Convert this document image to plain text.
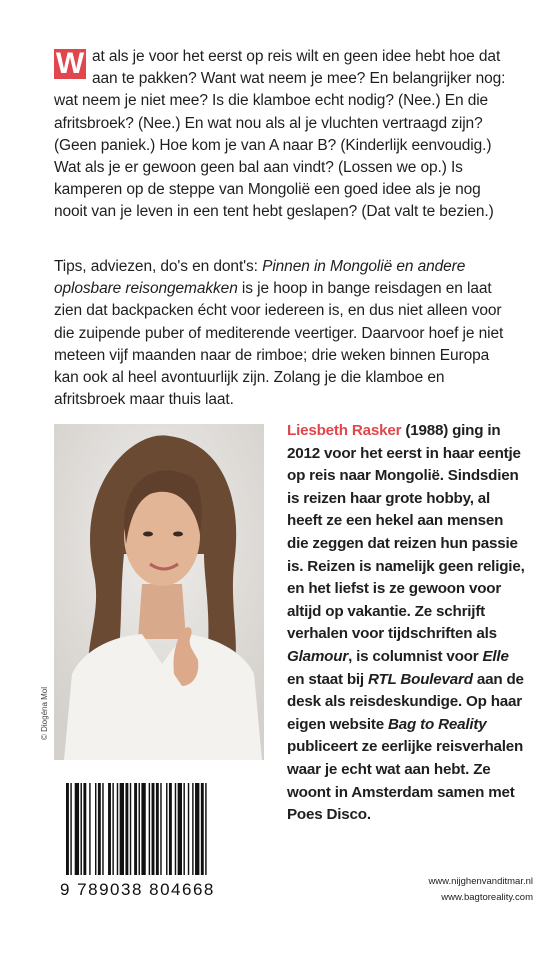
W at als je voor het eerst op reis wilt en geen idee hebt hoe dat aan te pakken? Want wat neem je mee? En belangrijker nog: wat neem je niet mee? Is die klamboe echt nodig? (Nee.) En die afritsbroek? (Nee.) En wat nou als al je vluchten vertraagd zijn? (Geen paniek.) Hoe kom je van A naar B? (Kinderlijk eenvoudig.) Wat als je er gewoon geen bal aan vindt? (Lossen we op.) Is kamperen op de steppe van Mongolië een goed idee als je nog nooit van je leven in een tent hebt geslapen? (Dat valt te bezien.)
Tips, adviezen, do's en dont's: Pinnen in Mongolië en andere oplosbare reisongemakken is je hoop in bange reisdagen en laat zien dat backpacken écht voor iedereen is, en dus niet alleen voor die zuipende puber of mediterende veertiger. Daarvoor hoef je niet meteen vijf maanden naar de rimboe; drie weken binnen Europa kan ook al heel avontuurlijk zijn. Zolang je die klamboe en afritsbroek maar thuis laat.
© Diogéna Mol
Liesbeth Rasker (1988) ging in 2012 voor het eerst in haar eentje op reis naar Mongolië. Sindsdien is reizen haar grote hobby, al heeft ze een hekel aan mensen die zeggen dat reizen hun passie is. Reizen is namelijk geen religie, en het liefst is ze gewoon voor altijd op vakantie. Ze schrijft verhalen voor tijdschriften als Glamour, is columnist voor Elle en staat bij RTL Boulevard aan de desk als reisdeskundige. Op haar eigen website Bag to Reality publiceert ze eerlijke reisverhalen waar je echt wat aan hebt. Ze woont in Amsterdam samen met Poes Disco.
9 789038 804668	www.nijghenvanditmar.nl
www.bagtoreality.com
